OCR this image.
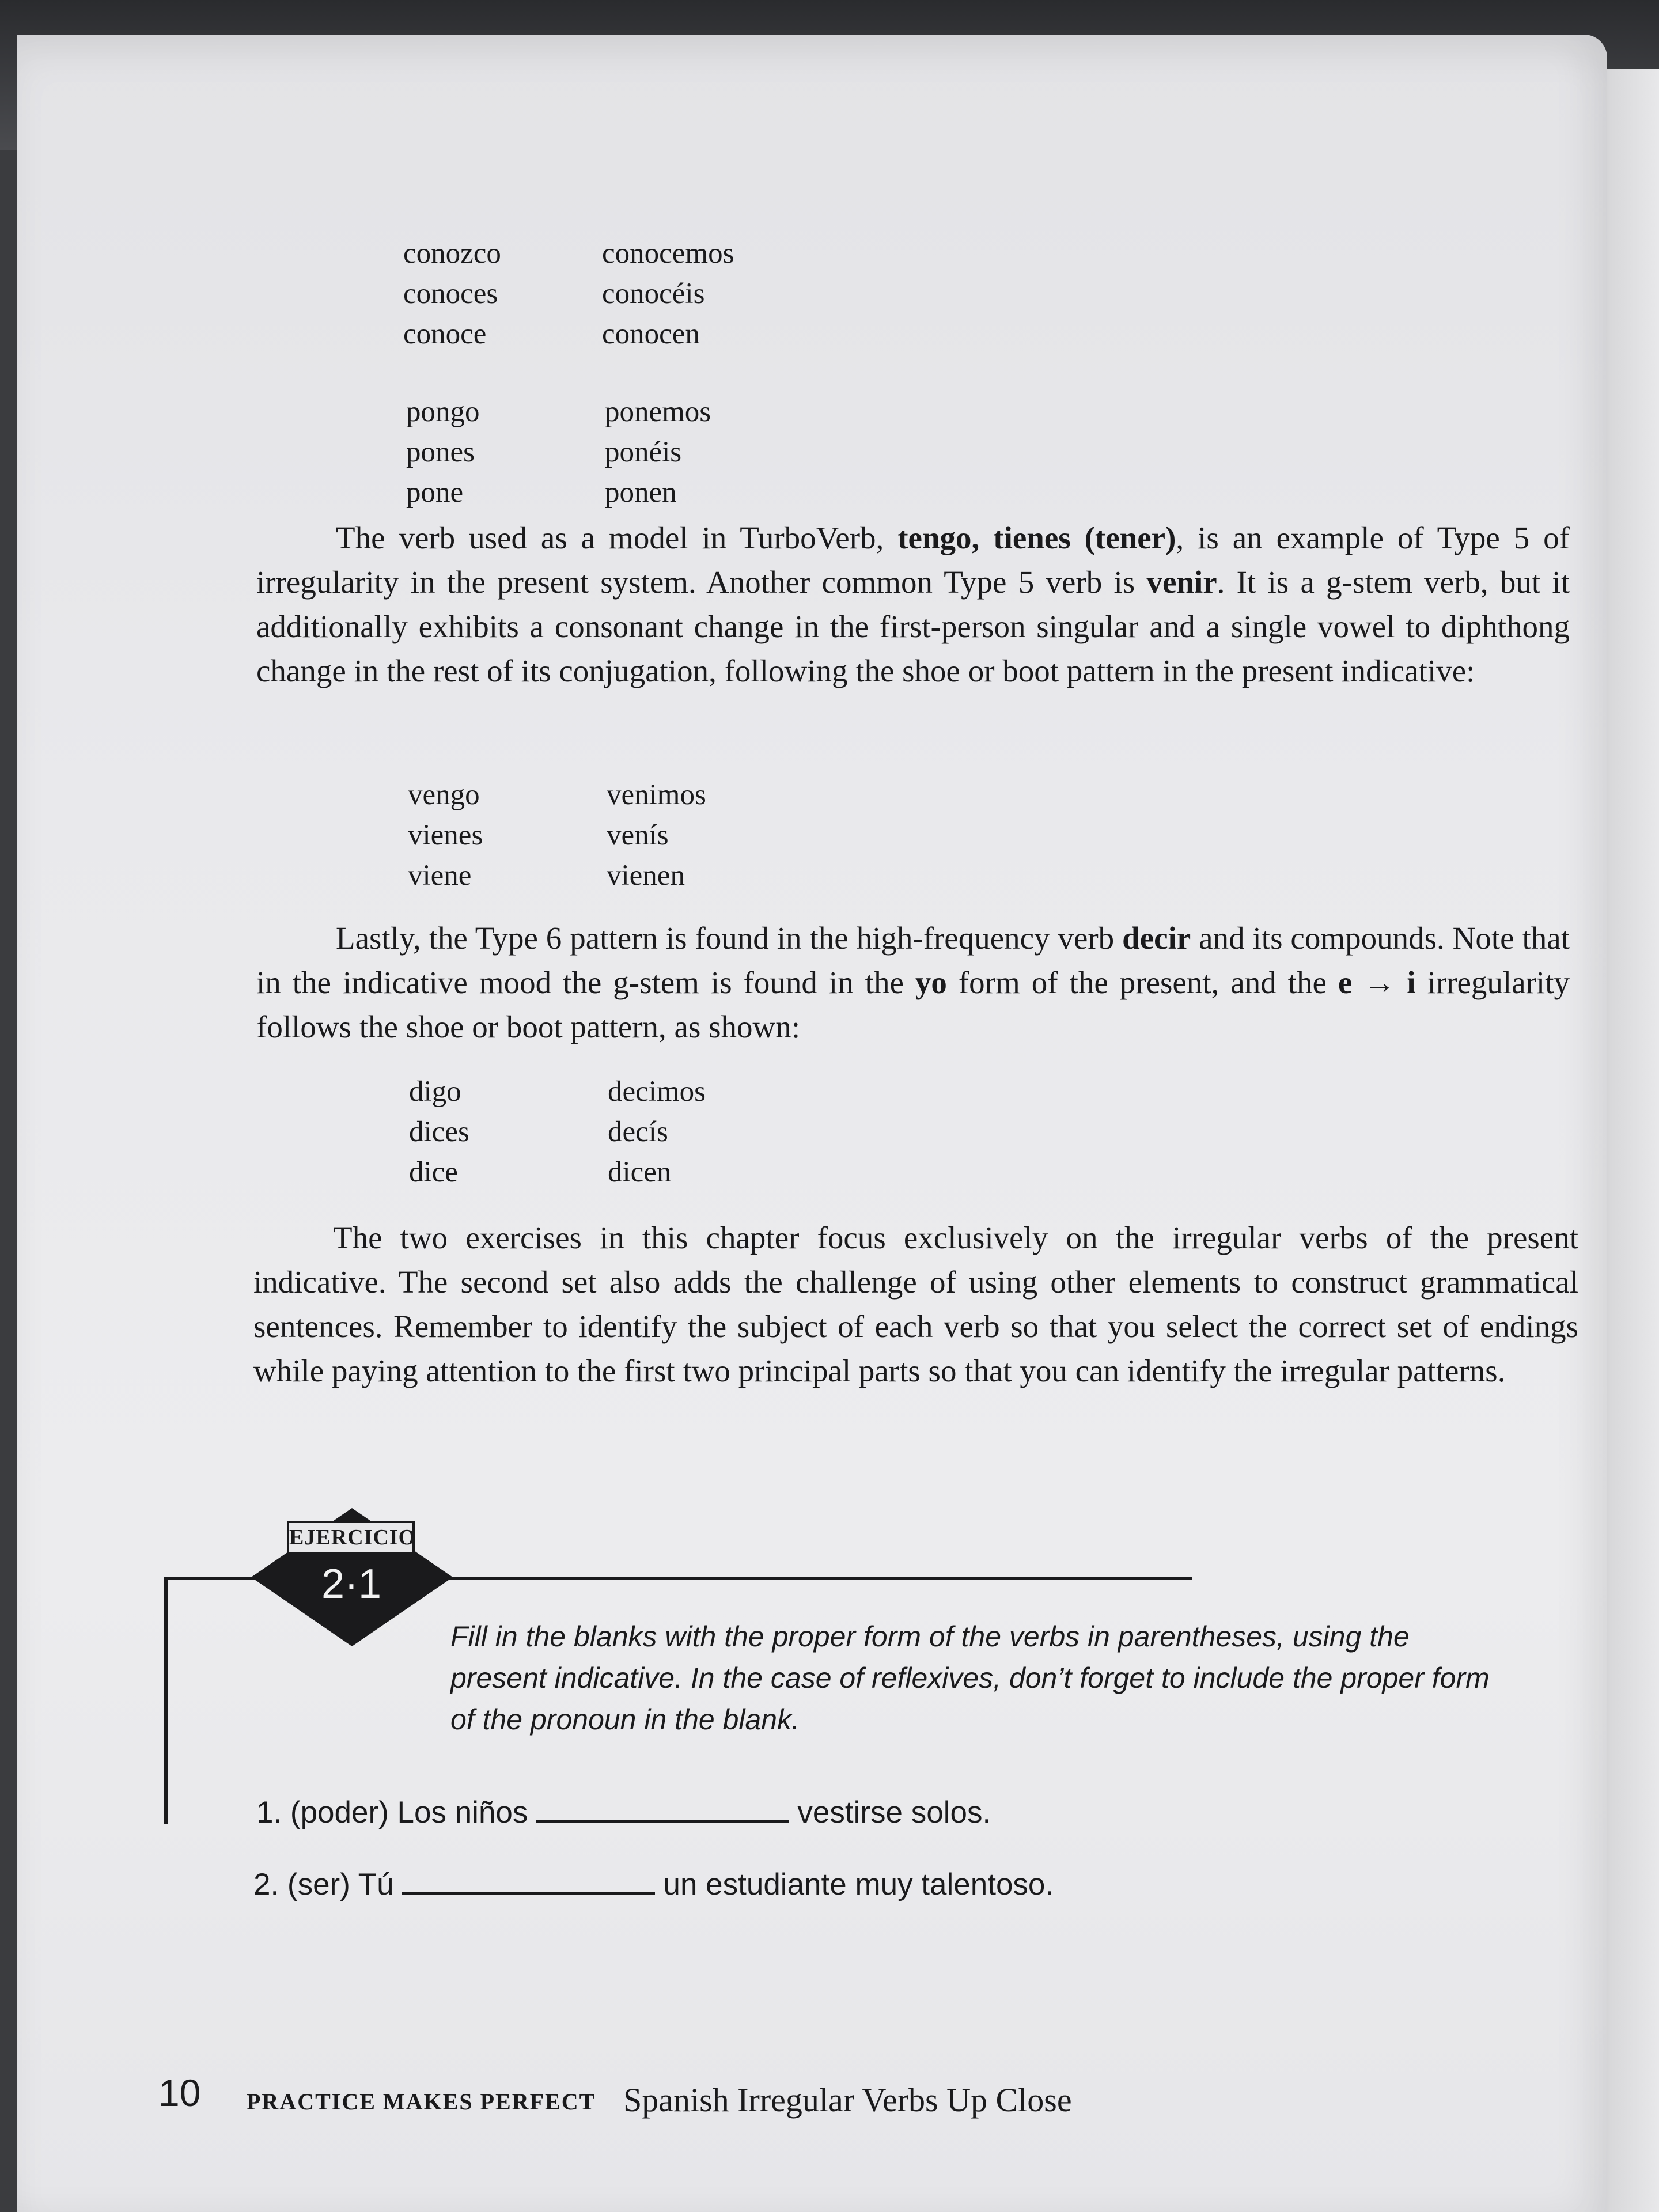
conozco	conocemos
conoces	conocéis
conoce	conocen
pongo	ponemos
pones	ponéis
pone	ponen
The verb used as a model in TurboVerb, tengo, tienes (tener), is an example of Type 5 of irregularity in the present system. Another common Type 5 verb is venir. It is a g-stem verb, but it additionally exhibits a consonant change in the first-person singular and a single vowel to diphthong change in the rest of its conjugation, following the shoe or boot pattern in the present indicative:
vengo	venimos
vienes	venís
viene	vienen
Lastly, the Type 6 pattern is found in the high-frequency verb decir and its compounds. Note that in the indicative mood the g-stem is found in the yo form of the present, and the e → i irregularity follows the shoe or boot pattern, as shown:
digo	decimos
dices	decís
dice	dicen
The two exercises in this chapter focus exclusively on the irregular verbs of the present indicative. The second set also adds the challenge of using other elements to construct grammatical sentences. Remember to identify the subject of each verb so that you select the correct set of endings while paying attention to the first two principal parts so that you can identify the irregular patterns.
EJERCICIO
2·1
Fill in the blanks with the proper form of the verbs in parentheses, using the present indicative. In the case of reflexives, don’t forget to include the proper form of the pronoun in the blank.
1. (poder) Los niños	vestirse solos.
2. (ser) Tú	un estudiante muy talentoso.
10 PRACTICE MAKES PERFECT Spanish Irregular Verbs Up Close
